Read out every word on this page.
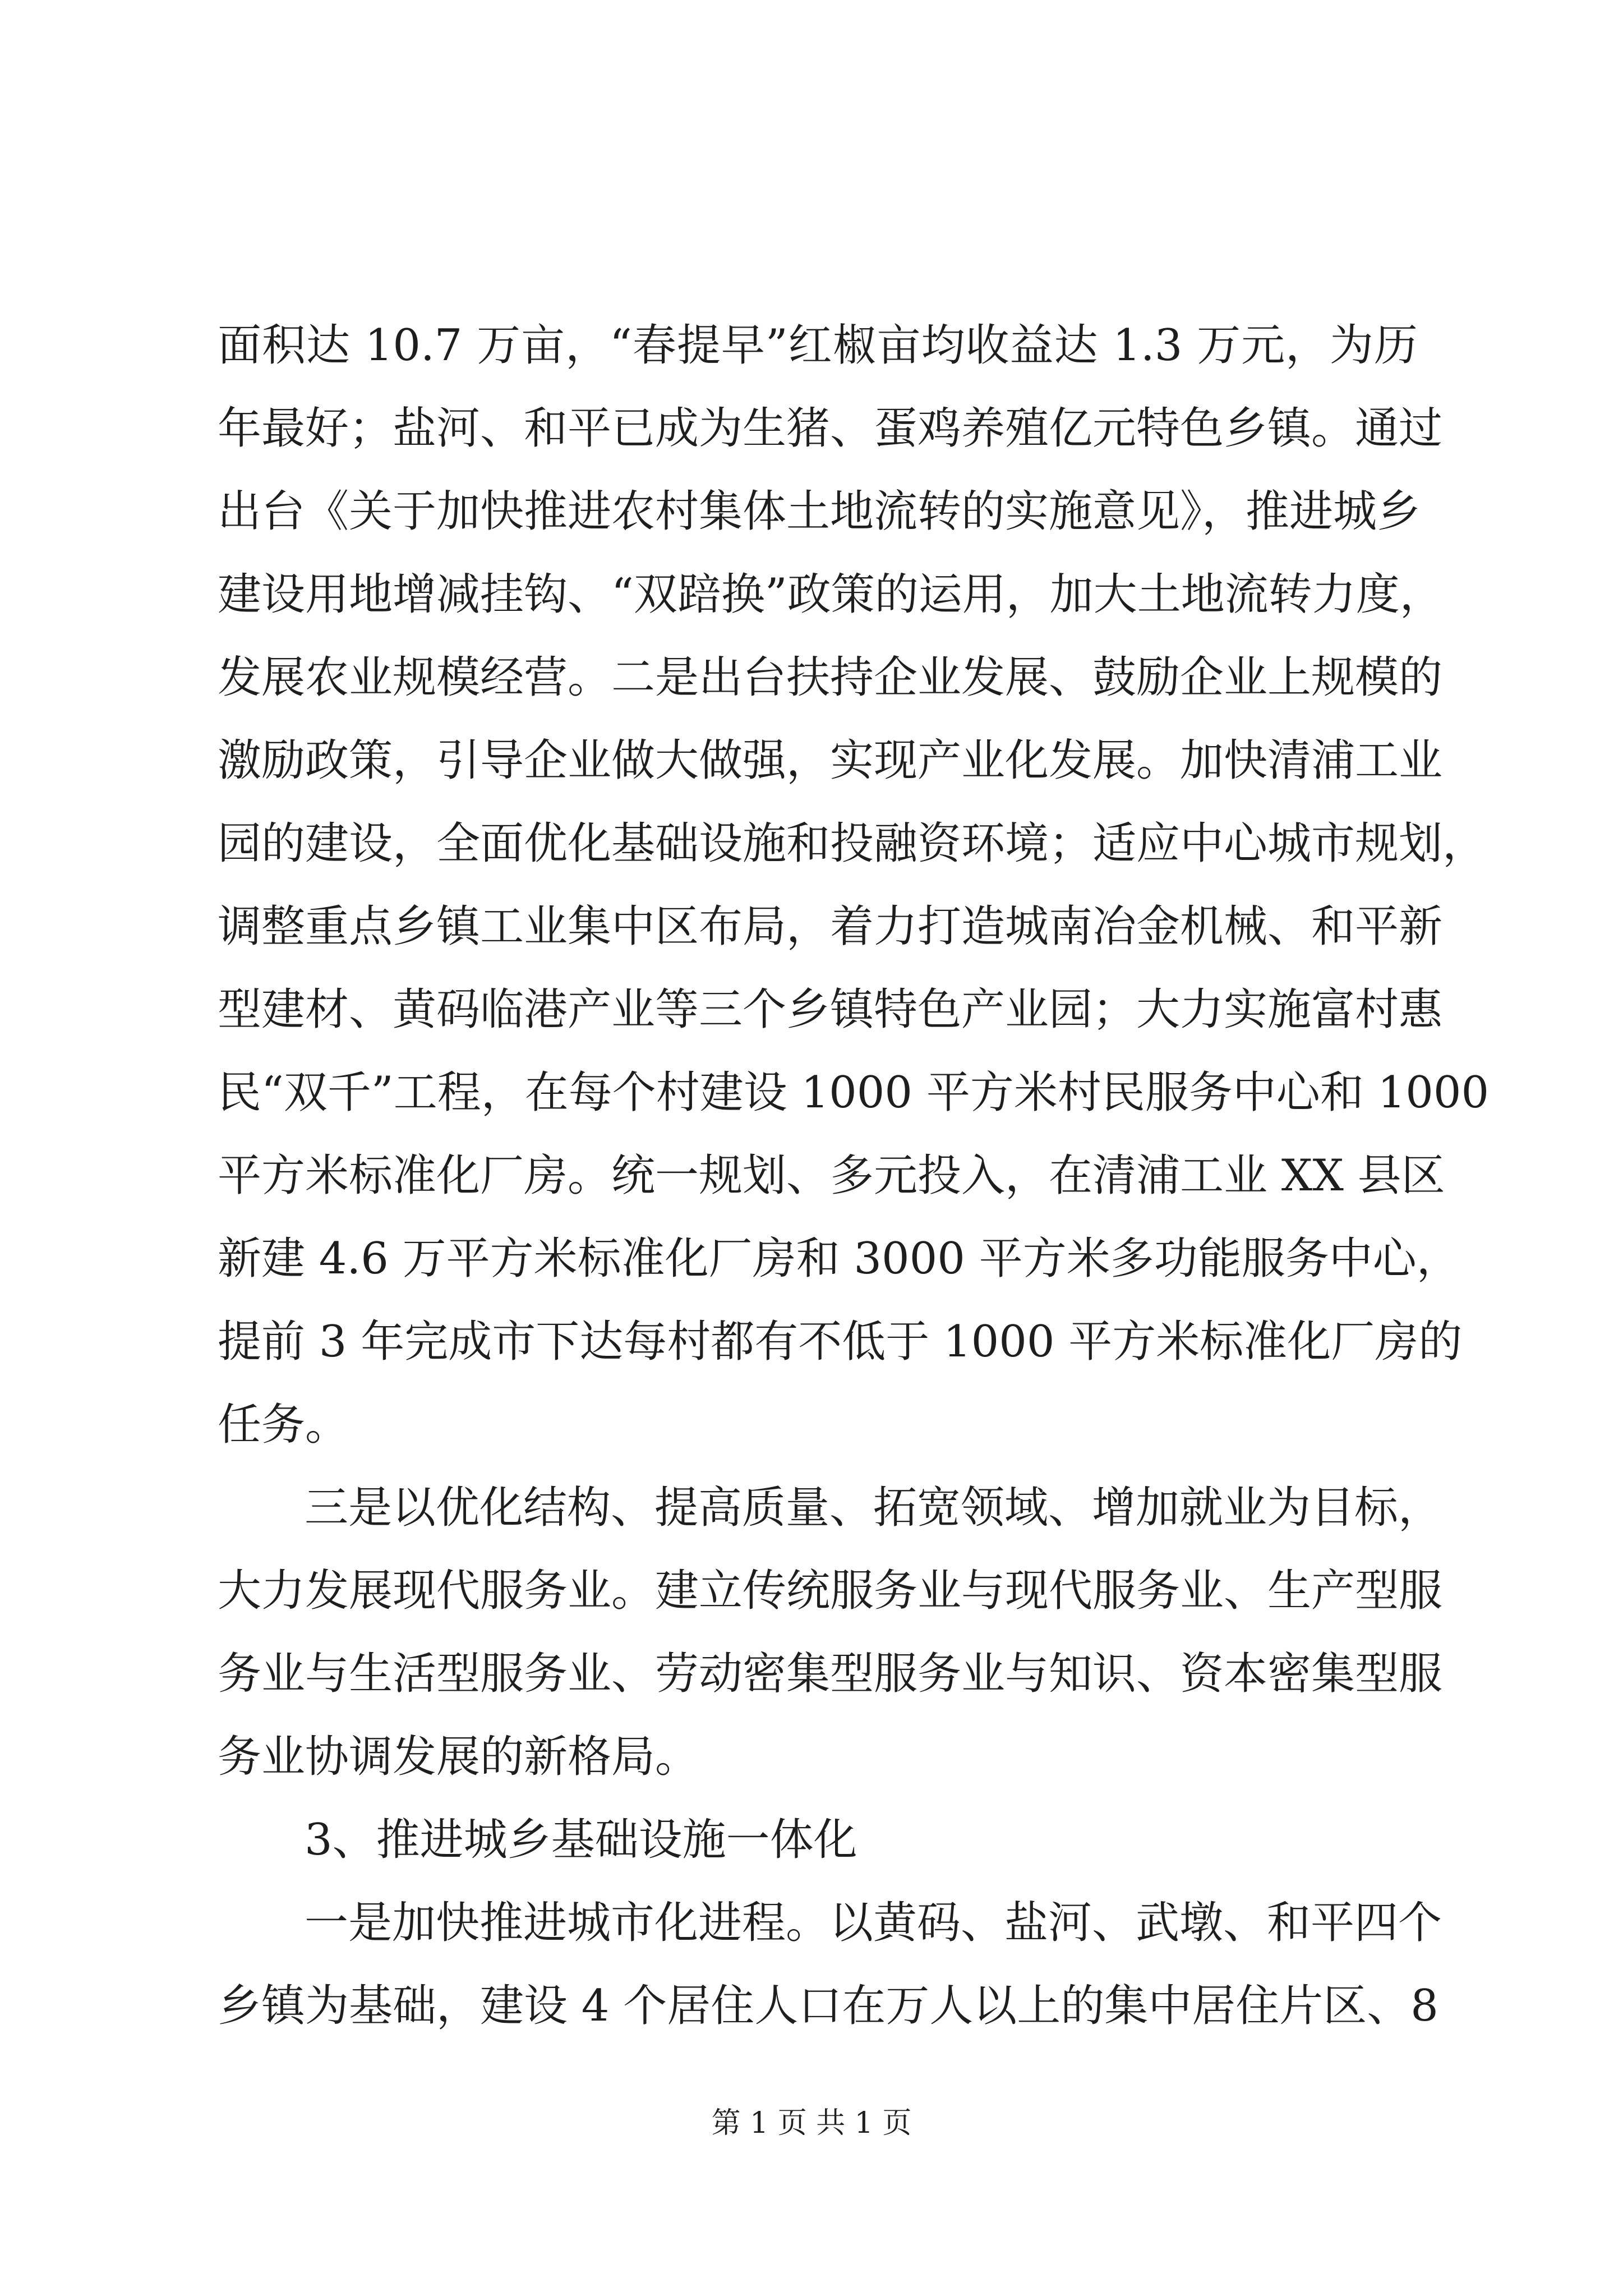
面积达 10.7 万亩，“春提早”红椒亩均收益达 1.3 万元，为历
年最好；盐河、和平已成为生猪、蛋鸡养殖亿元特色乡镇。通过
出台《关于加快推进农村集体土地流转的实施意见》，推进城乡
建设用地增减挂钩、“双踣换”政策的运用，加大土地流转力度，
发展农业规模经营。二是出台扶持企业发展、鼓励企业上规模的
激励政策，引导企业做大做强，实现产业化发展。加快清浦工业
园的建设，全面优化基础设施和投融资环境；适应中心城市规划，
调整重点乡镇工业集中区布局，着力打造城南冶金机械、和平新
型建材、黄码临港产业等三个乡镇特色产业园；大力实施富村惠
民“双千”工程，在每个村建设 1000 平方米村民服务中心和 1000
平方米标准化厂房。统一规划、多元投入，在清浦工业 XX 县区
新建 4.6 万平方米标准化厂房和 3000 平方米多功能服务中心，
提前 3 年完成市下达每村都有不低于 1000 平方米标准化厂房的
任务。
三是以优化结构、提高质量、拓宽领域、增加就业为目标，
大力发展现代服务业。建立传统服务业与现代服务业、生产型服
务业与生活型服务业、劳动密集型服务业与知识、资本密集型服
务业协调发展的新格局。
3、推进城乡基础设施一体化
一是加快推进城市化进程。以黄码、盐河、武墩、和平四个
乡镇为基础，建设 4 个居住人口在万人以上的集中居住片区、8
第 1 页 共 1 页
